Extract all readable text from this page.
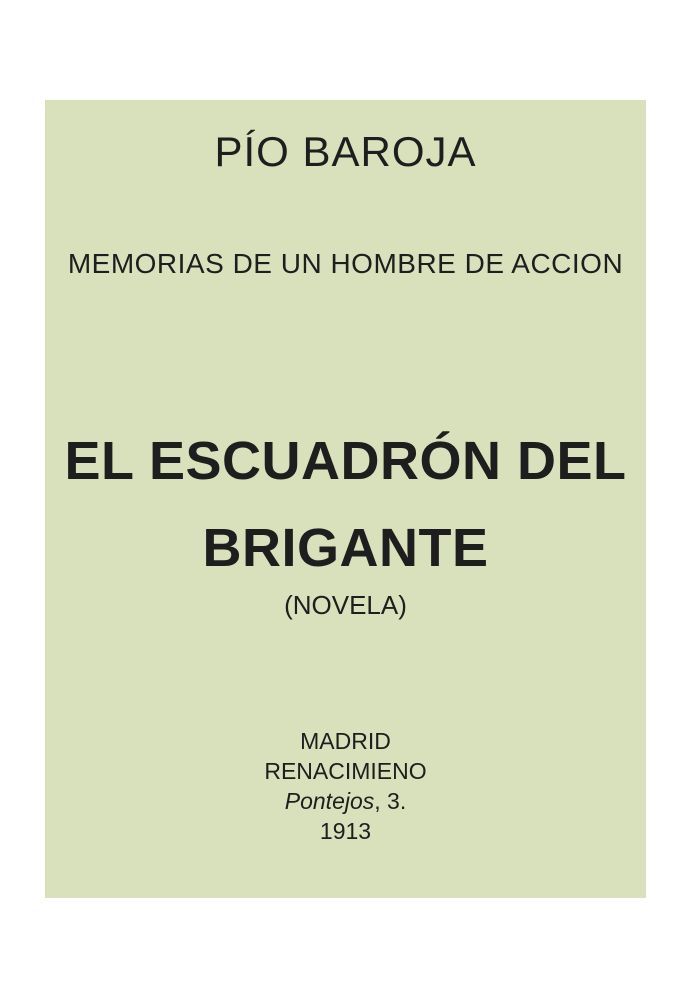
PÍO BAROJA
MEMORIAS DE UN HOMBRE DE ACCION
EL ESCUADRÓN DEL
BRIGANTE
(NOVELA)
MADRID
RENACIMIENO
Pontejos, 3.
1913
